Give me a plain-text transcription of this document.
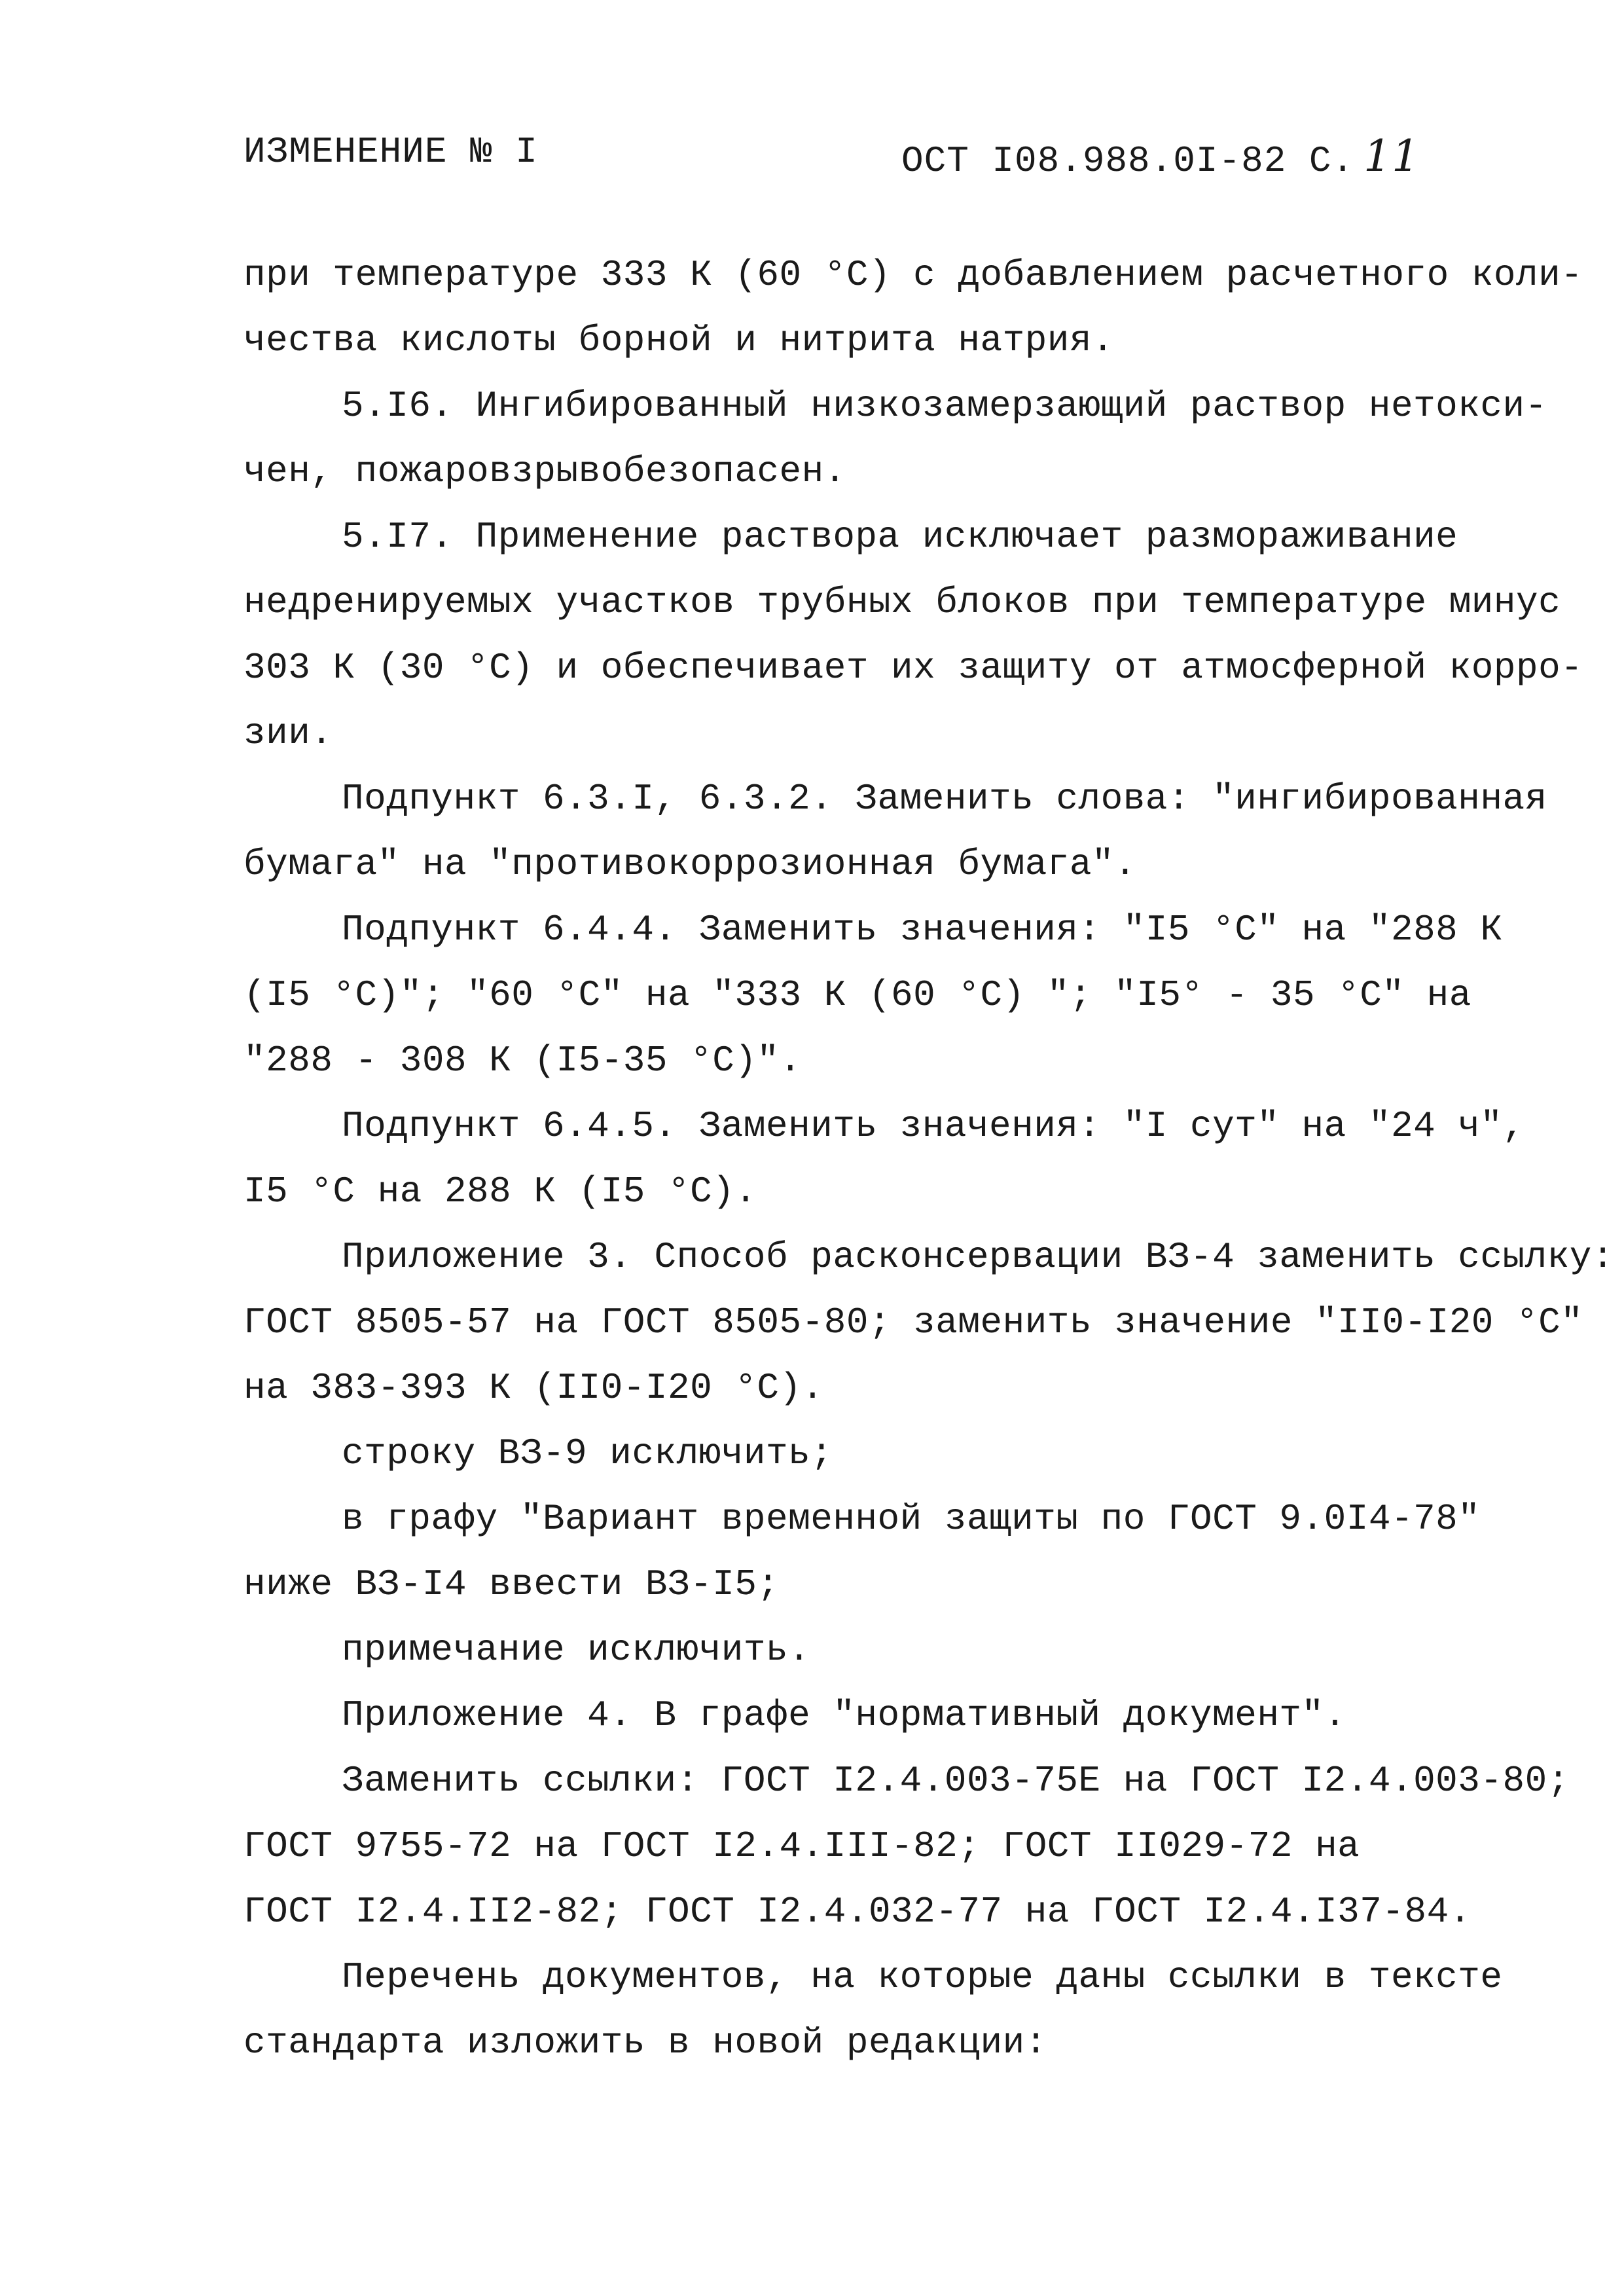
ИЗМЕНЕНИЕ № I	ОСТ I08.988.0I-82 С. 11
при температуре 333 К (60 °С) с добавлением расчетного коли-
чества кислоты борной и нитрита натрия.
5.I6. Ингибированный низкозамерзающий раствор нетокси-
чен, пожаровзрывобезопасен.
5.I7. Применение раствора исключает размораживание
недренируемых участков трубных блоков при температуре минус
303 К (30 °С) и обеспечивает их защиту от атмосферной корро-
зии.
Подпункт 6.3.I, 6.3.2. Заменить слова: "ингибированная
бумага" на "противокоррозионная бумага".
Подпункт 6.4.4. Заменить значения: "I5 °С" на "288 К
(I5 °С)"; "60 °С" на "333 К (60 °С) "; "I5° - 35 °С" на
"288 - 308 К (I5-35 °С)".
Подпункт 6.4.5. Заменить значения: "I сут" на "24 ч",
I5 °С на 288 К (I5 °С).
Приложение 3. Способ расконсервации ВЗ-4 заменить ссылку:
ГОСТ 8505-57 на ГОСТ 8505-80; заменить значение "II0-I20 °С"
на 383-393 К (II0-I20 °С).
строку ВЗ-9 исключить;
в графу "Вариант временной защиты по ГОСТ 9.0I4-78"
ниже ВЗ-I4 ввести ВЗ-I5;
примечание исключить.
Приложение 4. В графе "нормативный документ".
Заменить ссылки: ГОСТ I2.4.003-75Е на ГОСТ I2.4.003-80;
ГОСТ 9755-72 на ГОСТ I2.4.III-82; ГОСТ II029-72 на
ГОСТ I2.4.II2-82; ГОСТ I2.4.032-77 на ГОСТ I2.4.I37-84.
Перечень документов, на которые даны ссылки в тексте
стандарта изложить в новой редакции:
